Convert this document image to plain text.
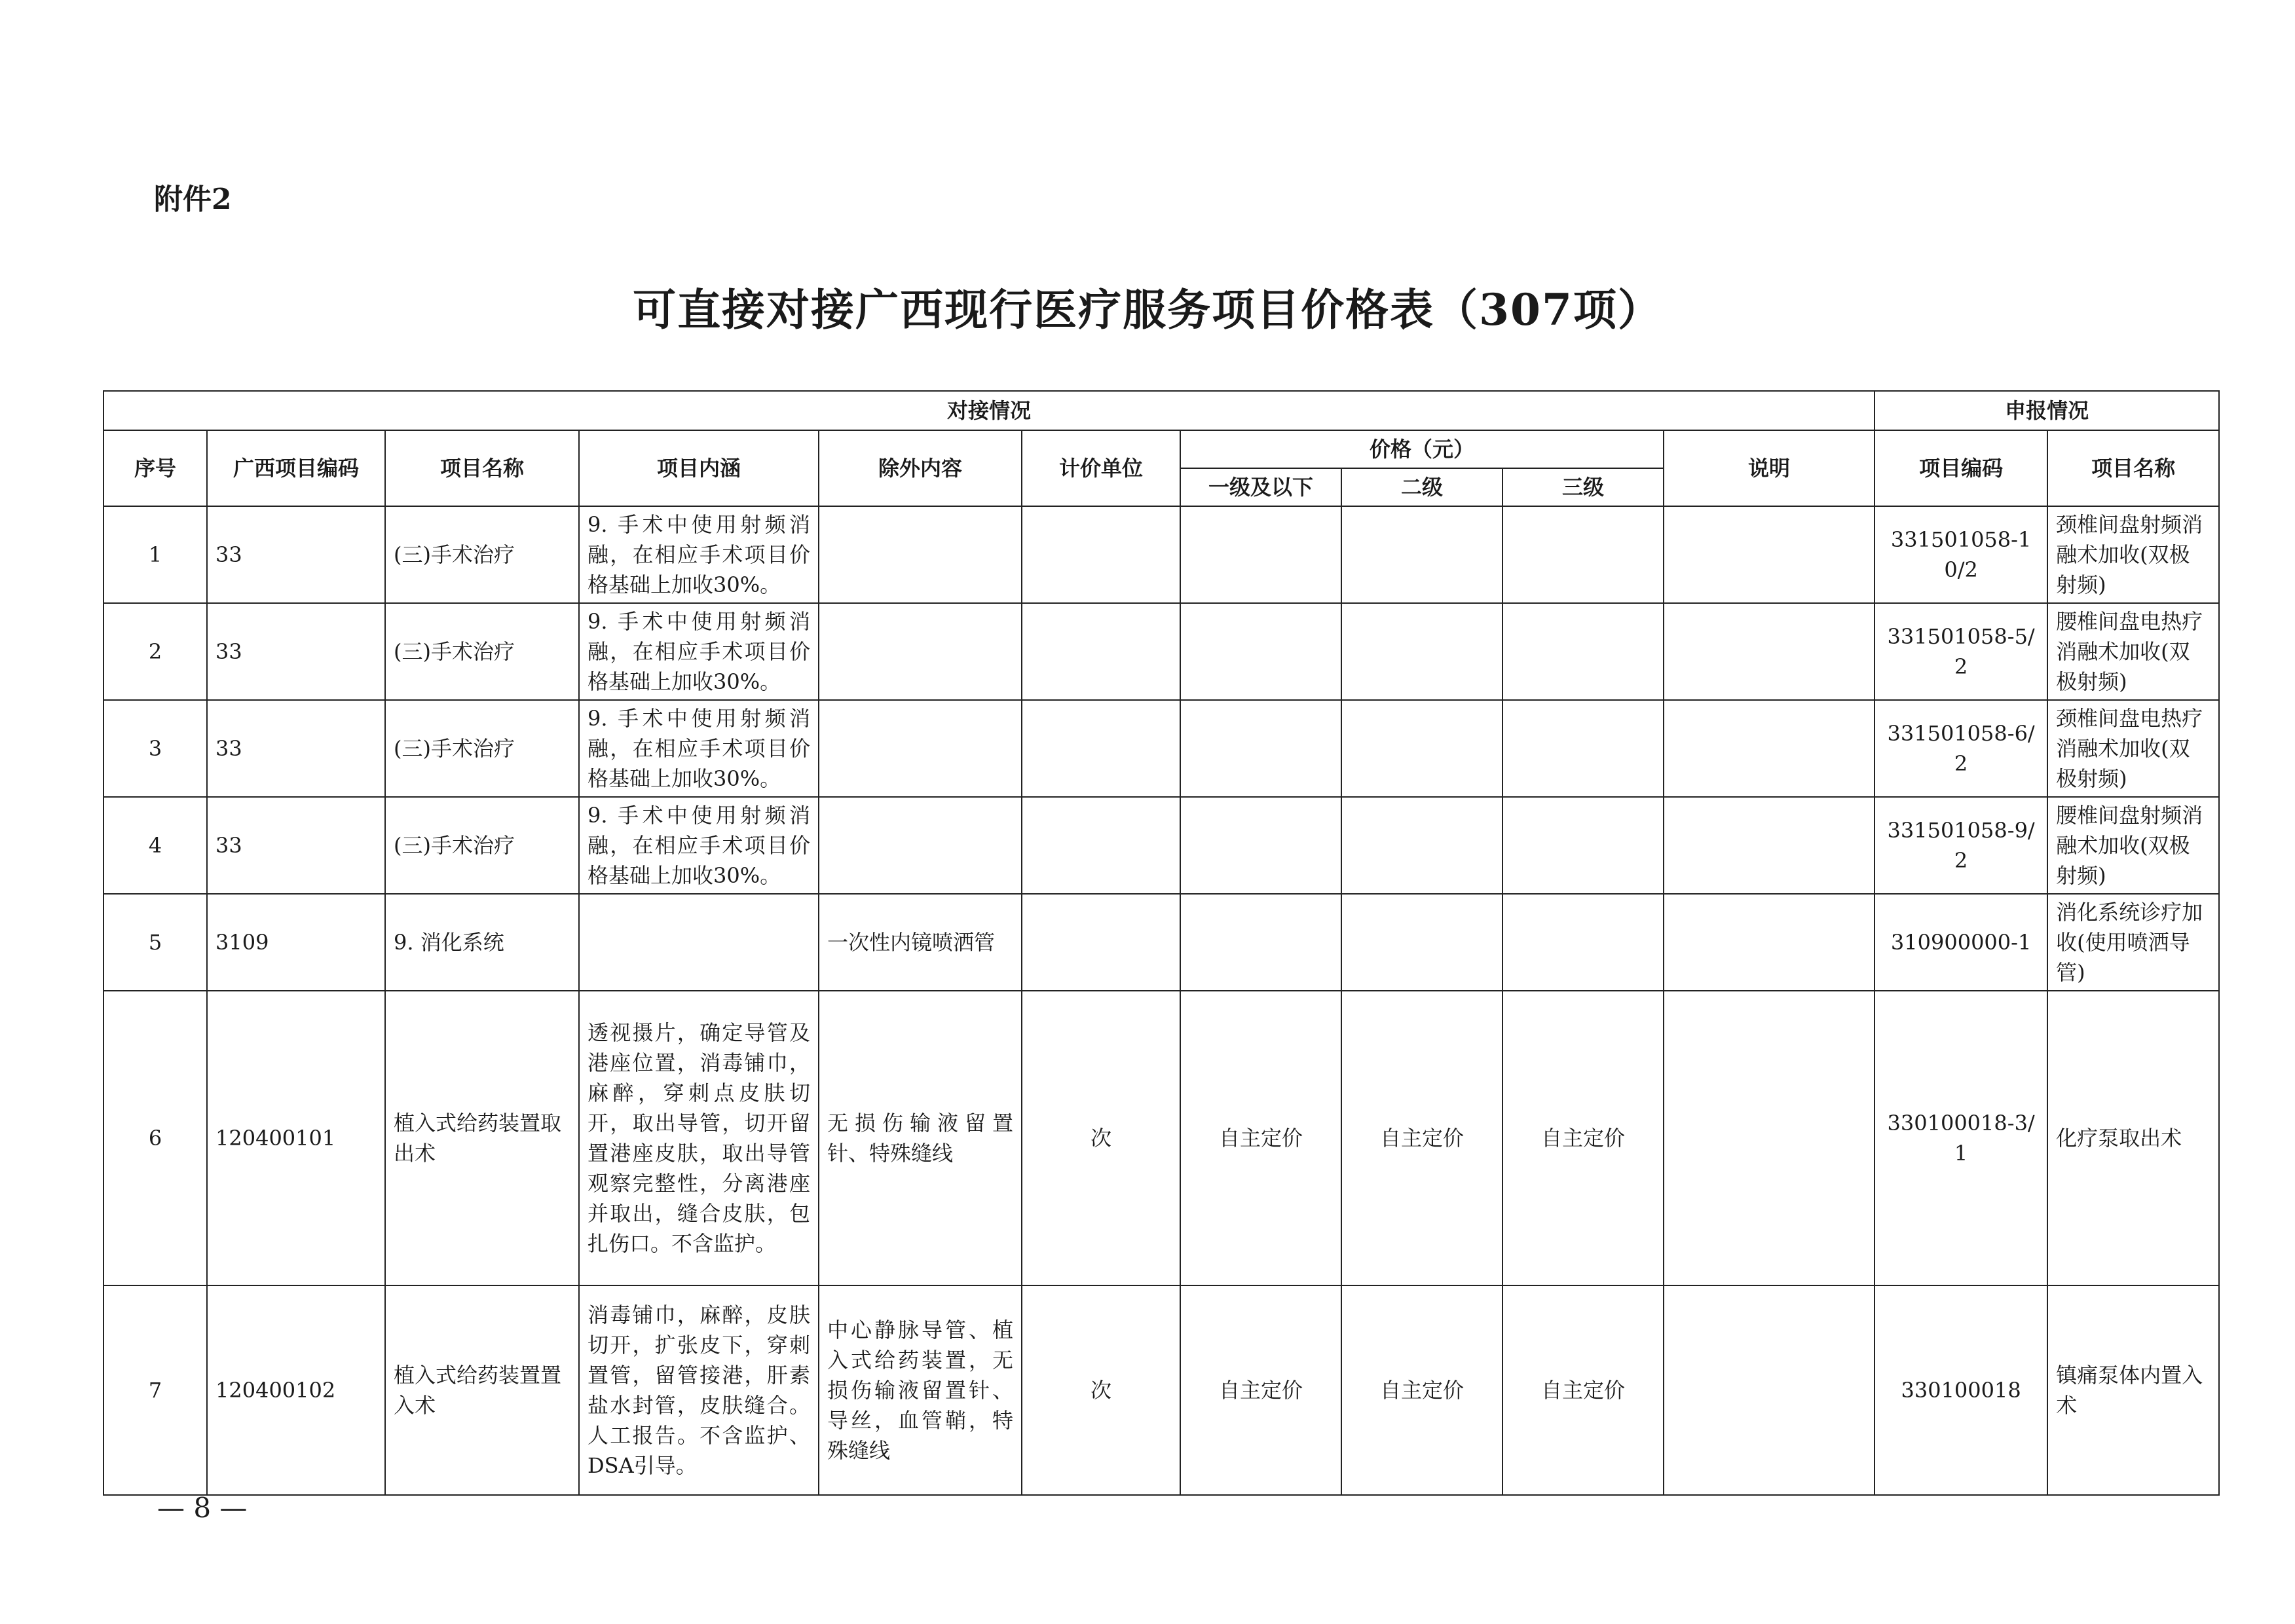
附件2
可直接对接广西现行医疗服务项目价格表（307项）
对接情况										申报情况	
序号	广西项目编码	项目名称	项目内涵	除外内容	计价单位	价格（元）			说明	项目编码	项目名称
						一级及以下	二级	三级			
1	33	(三)手术治疗	9. 手术中使用射频消融，在相应手术项目价格基础上加收30%。							331501058-10/2	颈椎间盘射频消融术加收(双极射频)
2	33	(三)手术治疗	9. 手术中使用射频消融，在相应手术项目价格基础上加收30%。							331501058-5/2	腰椎间盘电热疗消融术加收(双极射频)
3	33	(三)手术治疗	9. 手术中使用射频消融，在相应手术项目价格基础上加收30%。							331501058-6/2	颈椎间盘电热疗消融术加收(双极射频)
4	33	(三)手术治疗	9. 手术中使用射频消融，在相应手术项目价格基础上加收30%。							331501058-9/2	腰椎间盘射频消融术加收(双极射频)
5	3109	9. 消化系统		一次性内镜喷洒管						310900000-1	消化系统诊疗加收(使用喷洒导管)
6	120400101	植入式给药装置取出术	透视摄片，确定导管及港座位置，消毒铺巾，麻醉，穿刺点皮肤切开，取出导管，切开留置港座皮肤，取出导管观察完整性，分离港座并取出，缝合皮肤，包扎伤口。不含监护。	无损伤输液留置针、特殊缝线	次	自主定价	自主定价	自主定价		330100018-3/1	化疗泵取出术
7	120400102	植入式给药装置置入术	消毒铺巾，麻醉，皮肤切开，扩张皮下，穿刺置管，留管接港，肝素盐水封管，皮肤缝合。人工报告。不含监护、DSA引导。	中心静脉导管、植入式给药装置，无损伤输液留置针、导丝，血管鞘，特殊缝线	次	自主定价	自主定价	自主定价		330100018	镇痛泵体内置入术
— 8 —
